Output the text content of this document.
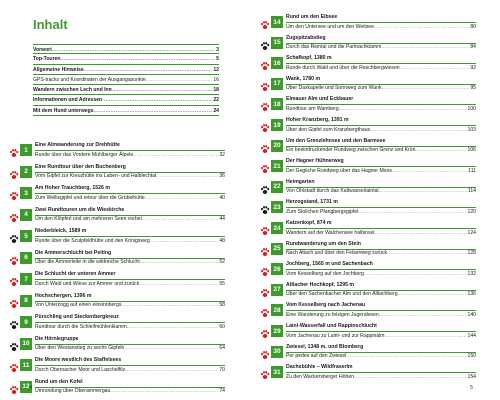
Inhalt
Vorwort .....	3
Top-Touren .....	5
Allgemeine Hinweise .....	12
GPS-tracks und Koordinaten der Ausgangspunkte .....	16
Wandern zwischen Lech und Inn .....	18
Informationen und Adressen .....	22
Mit dem Hund unterwegs .....	24
1
Eine Almwanderung zur Drehhütte
Runde über das Vordere Mühlberger Älpele .....	32
2
Eine Rundtour über den Buchenberg
Vom Gipfel zur Kreuzhütte ins Laben- und Halblechtal .....	36
3
Am Hoher Trauchberg, 1526 m
Zum Wellisgipfel und retour über die Grübelhütte .....	40
4
Zwei Rundtouren um die Wieskirche
Um den Klöpferl und am mehreren Seen vorbei .....	44
5
Niederbleick, 1589 m
Runde über die Sculpfeldhütte und den Königsweg .....	48
6
Die Ammerschlucht bei Peiting
Über die Ammerleite in die wildreiche Schlucht .....	52
7
Die Schlucht der unteren Ammer
Durch Wald und Wiese zur Ammer und zurück .....	55
8
Hochschergen, 1396 m
Von Unterzogg auf einen einsinnbergs .....	58
9
Pürschling und Steckenbergkreuz
Rundtour durch die Schleifmühlenklamm .....	60
10
Die Hörnlegruppe
Über den Westanstieg zu sechs Gipfeln .....	64
11
Die Moore westlich des Staffelsees
Durch Obernacher Moor und Laschelfilz .....	70
12
Rund um den Kofel
Umrundung über Oberammergau .....	74
4
14
Rund um den Eibsee
Um den Untersee und um den Weitsee .....	80
15
Zugspitzabstieg
Durch das Reintal und die Partnachklamm .....	84
16
Schafkopf, 1380 m
Runde durch Wald und über die Reschbergwiesen .....	92
17
Wank, 1780 m
Über Daxkapelle und Sonnweg zum Wank .....	95
18
Elmauer Alm und Eckbauer
Rundtour am Wamberg .....	100
19
Hoher Kranzberg, 1391 m
Über den Gipfel zum Kranzbergthaus .....	103
20
Um den Grenzlehnsee und den Barmsee
Ein beeindruckender Rundweg zwischen Grenz und Krün .....	106
21
Der Hagner Hühnerweg
Der Gegliche Rundweg über das Hagner Moos .....	111
22
Heimgarten
Von Ohlstadt durch das Kaltwasserlaintal .....	114
23
Herzogstand, 1731 m
Zum Stollchen Pfangbergsgipfel .....	120
24
Katzenkopf, 874 m
Wandern auf der Walchensee halbinsel .....	124
25
Rundwanderung um den Stein
Nach Altach und über den Felsenweg zurück .....	128
26
Jochberg, 1565 m und Sachenbach
Vom Kesselberg auf den Jochberg .....	132
27
Altlacher Hochkopf, 1295 m
Über den Sachenbacher Alm und den Altlachberg .....	136
28
Vom Kesselberg nach Jachenau
Eine Wanderung zu felsigen Jugendseen .....	140
29
Lainl-Wasserfall und Rappinschlucht
Vom Jachenau zu Lainl- und zur Rappinalm .....	144
30
Zwiesel, 1348 m, und Blomberg
Per pedes auf den Zwiesel .....	150
31
Dachsbühle – Wildfraserlm
Zu den Wackersberger Höhen .....	154
5
